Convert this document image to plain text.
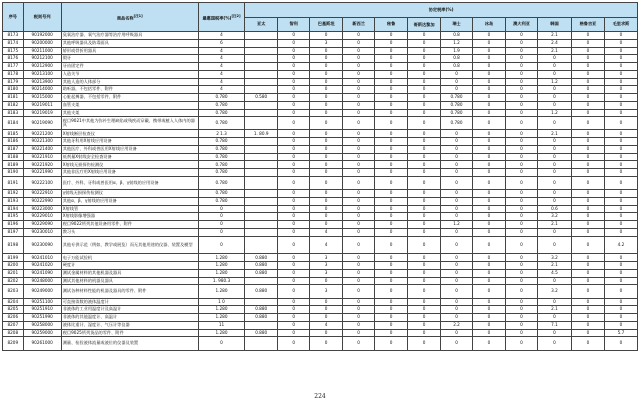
序号	税则号列	商品名称[注1]	最惠国税率(%)[注2]	协定税率(%)											
				亚太	智利	巴基斯坦	新西兰	秘鲁	哥斯达黎加	瑞士	冰岛	澳大利亚	韩国	格鲁吉亚	毛里求斯
8173	90192000	臭氧治疗器、氧气治疗器等治疗用呼吸器具	4		0	0	0	0	0	0.8	0	0	2.1	0	0
8174	90200000	其他呼吸器具及防毒面具	6		0	3	0	0	0	1.2	0	0	2.4	0	0
8175	90211000	矫形或骨折用器具	4		0	0	0	0	0	1.9	0	0	2.1	0	0
8176	90212100	假牙	4		0	0	0	0	0	0.8	0	0	0	0	0
8177	90212900	牙齿固定件	4		0	0	0	0	0	0.8	0	0	0	0	0
8178	90213100	人造关节	4		0	0	0	0	0	0	0	0	0	0	0
8179	90213900	其他人造的人体部分	4		0	0	0	0	0	0	0	0	1.2	0	0
8180	90214000	助听器，不包括零件、附件	4		0	0	0	0	0	0	0	0	0	0	0
8181	90215000	心脏起搏器，不包括零件、附件	0.780	0.580	0	0	0	0	0	0.780	0	0	0	0	0
8182	90219011	血管支架	0.780		0	0	0	0	0	0.780	0	0	0	0	0
8183	90219019	其他支架	0.780		0	0	0	0	0	0.780	0	0	1.2	0	0
8184	90219090	税目9021中其他为弥补生理缺陷或残疾而穿戴、携带或植入人体内的器具	0.780		0	0	0	0	0	0.780	0	0	0	0	0
8185	90221200	X射线断层检查仪	2 1.3	1. 80.9	0	0	0	0	0	0	0	0	2.1	0	0
8186	90221300	其他牙科用X射线应用设备	0.780		0	0	0	0	0	0	0	0	0	0	0
8187	90221400	其他医疗、外科或兽医用X射线应用设备	0.780		0	0	0	0	0	0	0	0	0	0	0
8188	90221910	低剂量X射线安全检查设备	0.780		0	0	0	0	0	0	0	0	0	0	0
8189	90221920	X射线无损探伤检测仪	0.780		0	0	0	0	0	0	0	0	0	0	0
8190	90221990	其他非医疗用X射线应用设备	0.780		0	0	0	0	0	0	0	0	0	0	0
8191	90222100	医疗、外科、牙科或兽医用α、β、γ射线的应用设备	0.780		0	0	0	0	0	0	0	0	0	0	0
8192	90222910	γ射线无损探伤检测仪	0.780		0	0	0	0	0	0	0	0	0	0	0
8193	90222990	其他α、β、γ射线的应用设备	0.780		0	0	0	0	0	0	0	0	0	0	0
8194	90223000	X射线管	0		0	0	0	0	0	0	0	0	0.6	0	0
8195	90229010	X射线影像增强器	0		0	0	0	0	0	0	0	0	3.2	0	0
8196	90229090	税目9022所列其他设备用零件、附件	0		0	0	0	0	0	1.2	0	0	2.1	0	0
8197	90230010	教习头	0		0	4	0	0	0	0	0	0	0	0	0
8198	90230090	其他专供示范（例如，教学或展览）而无其他用途的仪器、装置及模型	0		0	4	0	0	0	0	0	0	0	0	4.2
8199	90241010	电子万能试验机	1.280	0.880	0	3	0	0	0	0	0	0	3.2	0	0
8200	90241020	硬度计	1.280	0.880	0	3	0	0	0	0	0	0	2.1	0	0
8201	90241090	测试金属材料的其他机器及器具	1.280	0.880	0	3	0	0	0	0	0	0	4.5	0	0
8202	90248000	测试其他材料的机器及器具	1. 980.3		0	0	0	0	0	0	0	0	0	0	0
8203	90249000	测试各种材料性能的机器及器具的零件、附件	1.280	0.880	0	3	0	0	0	0	0	0	3.2	0	0
8204	90251100	可直接读数的液体温度计	1 0		0	0	0	0	0	0	0	0	0	0	0
8205	90251910	非液体的工业用温度计及高温计	1.280	0.880	0	0	0	0	0	0	0	0	2.1	0	0
8206	90251990	非液体的其他温度计、高温计	1.280	0.880	0	0	0	0	0	0	0	0	0	0	0
8207	90258000	液体比重计、湿度计、气压计等仪器	11		0	4	0	0	0	2.2	0	0	7.1	0	0
8208	90259000	税目9025所列货品的零件、附件	1.280	0.880	0	0	0	0	0	0	0	0	0	0	5.7
8209	90261000	测量、检验液体流量或液位的仪器及装置	0		0	0	0	0	0	0	0	0	0	0	0
224
